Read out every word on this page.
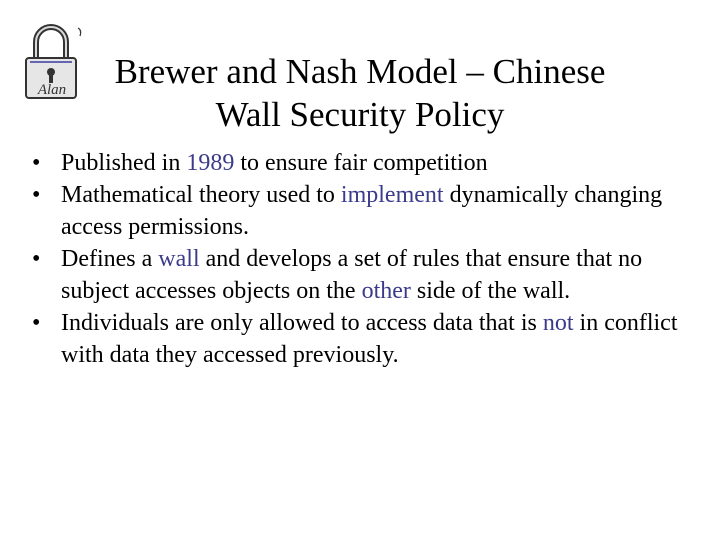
Alan	Brewer and Nash Model – Chinese
Wall Security Policy
• Published in 1989 to ensure fair competition
• Mathematical theory used to implement dynamically changing access permissions.
• Defines a wall and develops a set of rules that ensure that no subject accesses objects on the other side of the wall.
• Individuals are only allowed to access data that is not in conflict with data they accessed previously.
